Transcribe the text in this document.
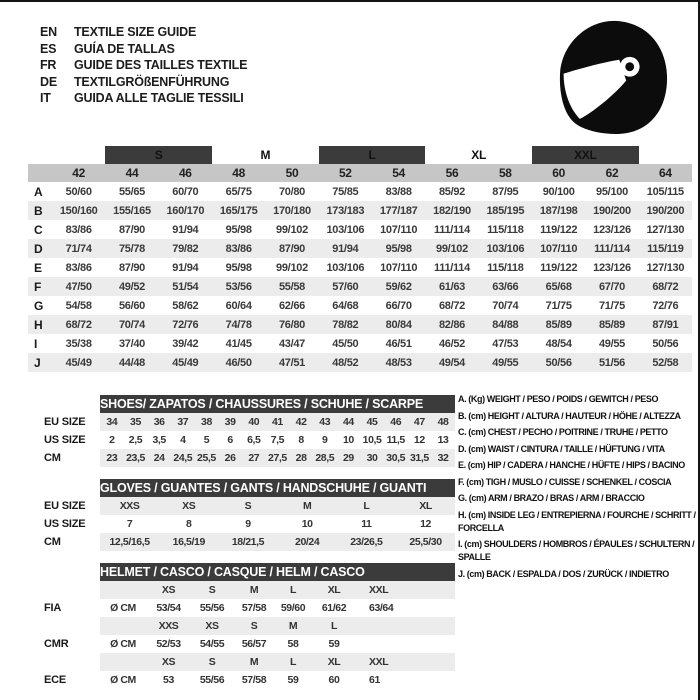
EN	TEXTILE SIZE GUIDE
ES	GUÍA DE TALLAS
FR	GUIDE DES TAILLES TEXTILE
DE	TEXTILGRÖßENFÜHRUNG
IT	GUIDA ALLE TAGLIE TESSILI
		S		M		L		XL		XXL		
	42	44	46	48	50	52	54	56	58	60	62	64
A	50/60	55/65	60/70	65/75	70/80	75/85	83/88	85/92	87/95	90/100	95/100	105/115
B	150/160	155/165	160/170	165/175	170/180	173/183	177/187	182/190	185/195	187/198	190/200	190/200
C	83/86	87/90	91/94	95/98	99/102	103/106	107/110	111/114	115/118	119/122	123/126	127/130
D	71/74	75/78	79/82	83/86	87/90	91/94	95/98	99/102	103/106	107/110	111/114	115/119
E	83/86	87/90	91/94	95/98	99/102	103/106	107/110	111/114	115/118	119/122	123/126	127/130
F	47/50	49/52	51/54	53/56	55/58	57/60	59/62	61/63	63/66	65/68	67/70	68/72
G	54/58	56/60	58/62	60/64	62/66	64/68	66/70	68/72	70/74	71/75	71/75	72/76
H	68/72	70/74	72/76	74/78	76/80	78/82	80/84	82/86	84/88	85/89	85/89	87/91
I	35/38	37/40	39/42	41/45	43/47	45/50	46/51	46/52	47/53	48/54	49/55	50/56
J	45/49	44/48	45/49	46/50	47/51	48/52	48/53	49/54	49/55	50/56	51/56	52/58
	SHOES/ ZAPATOS / CHAUSSURES / SCHUHE / SCARPE														
EU SIZE	34	35	36	37	38	39	40	41	42	43	44	45	46	47	48
US SIZE	2	2,5	3,5	4	5	6	6,5	7,5	8	9	10	10,5	11,5	12	13
CM	23	23,5	24	24,5	25,5	26	27	27,5	28	28,5	29	30	30,5	31,5	32
	GLOVES / GUANTES / GANTS / HANDSCHUHE / GUANTI					
EU SIZE	XXS	XS	S	M	L	XL
US SIZE	7	8	9	10	11	12
CM	12,5/16,5	16,5/19	18/21,5	20/24	23/26,5	25,5/30
	HELMET / CASCO / CASQUE / HELM / CASCO						
		XS	S	M	L	XL	XXL
FIA	Ø CM	53/54	55/56	57/58	59/60	61/62	63/64
		XXS	XS	S	M	L	
CMR	Ø CM	52/53	54/55	56/57	58	59	
		XS	S	M	L	XL	XXL
ECE	Ø CM	53	55/56	57/58	59	60	61
A. (Kg) WEIGHT / PESO / POIDS / GEWITCH / PESO
B. (cm) HEIGHT / ALTURA / HAUTEUR / HÖHE / ALTEZZA
C. (cm) CHEST / PECHO / POITRINE / TRUHE / PETTO
D. (cm) WAIST / CINTURA / TAILLE / HÜFTUNG / VITA
E. (cm) HIP / CADERA / HANCHE / HÜFTE / HIPS / BACINO
F. (cm) TIGH / MUSLO / CUISSE / SCHENKEL / COSCIA
G. (cm) ARM / BRAZO / BRAS / ARM / BRACCIO
H. (cm) INSIDE LEG / ENTREPIERNA / FOURCHE / SCHRITT / FORCELLA
I. (cm) SHOULDERS / HOMBROS / ÉPAULES / SCHULTERN / SPALLE
J. (cm) BACK / ESPALDA / DOS / ZURÜCK / INDIETRO
